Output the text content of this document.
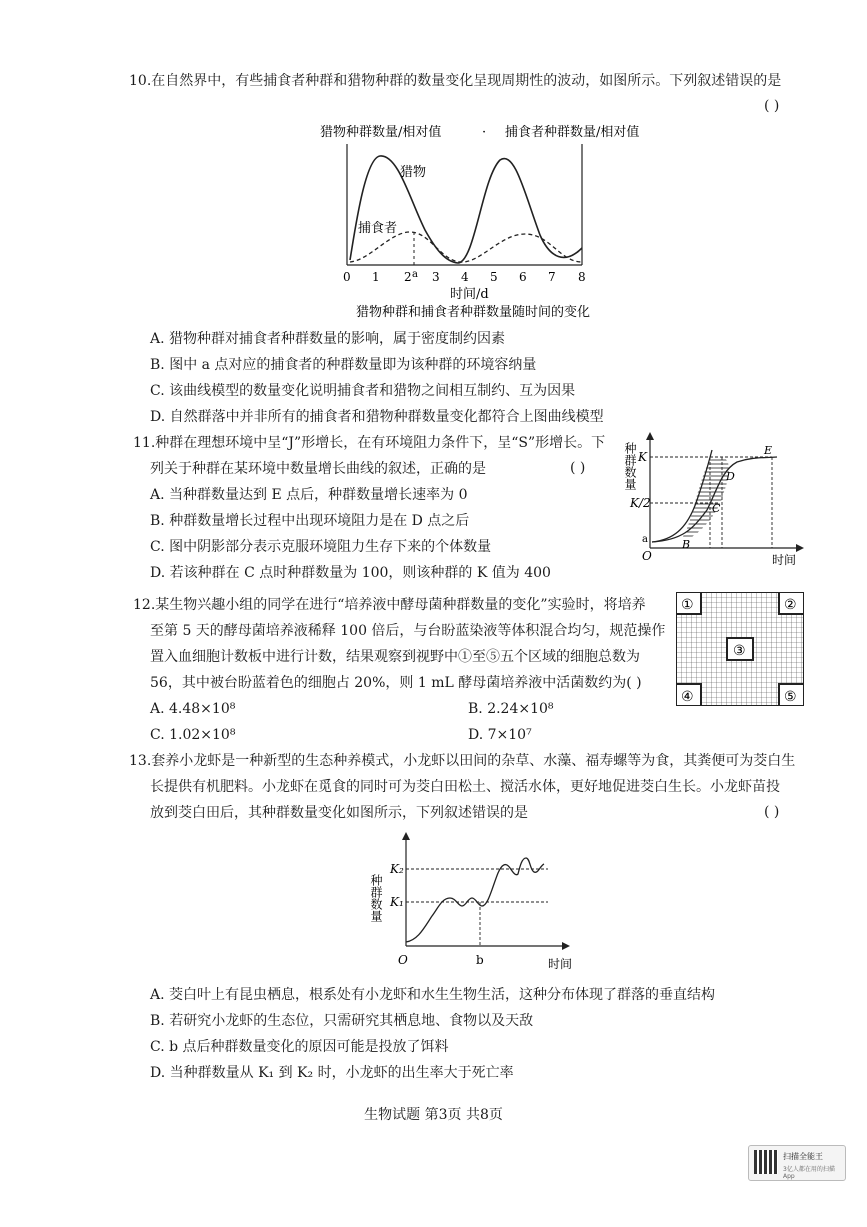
10.在自然界中，有些捕食者种群和猎物种群的数量变化呈现周期性的波动，如图所示。下列叙述错误的是
( )
猎物种群数量/相对值	· 捕食者种群数量/相对值
猎物
捕食者
0 1 2 a 3 4 5 6 7 8
时间/d
猎物种群和捕食者种群数量随时间的变化
A. 猎物种群对捕食者种群数量的影响，属于密度制约因素
B. 图中 a 点对应的捕食者的种群数量即为该种群的环境容纳量
C. 该曲线模型的数量变化说明捕食者和猎物之间相互制约、互为因果
D. 自然群落中并非所有的捕食者和猎物种群数量变化都符合上图曲线模型
11.种群在理想环境中呈“J”形增长，在有环境阻力条件下，呈“S”形增长。下
列关于种群在某环境中数量增长曲线的叙述，正确的是	( )
A. 当种群数量达到 E 点后，种群数量增长速率为 0
B. 种群数量增长过程中出现环境阻力是在 D 点之后
C. 图中阴影部分表示克服环境阻力生存下来的个体数量
D. 若该种群在 C 点时种群数量为 100，则该种群的 K 值为 400
种群数量 K
K/2
a
O
B
C
D
E
时间
12.某生物兴趣小组的同学在进行“培养液中酵母菌种群数量的变化”实验时，将培养
至第 5 天的酵母菌培养液稀释 100 倍后，与台盼蓝染液等体积混合均匀，规范操作
置入血细胞计数板中进行计数，结果观察到视野中①至⑤五个区域的细胞总数为
56，其中被台盼蓝着色的细胞占 20%，则 1 mL 酵母菌培养液中活菌数约为( )
A. 4.48×10⁸	B. 2.24×10⁸
C. 1.02×10⁸	D. 7×10⁷
①	②
③
④	⑤
13.套养小龙虾是一种新型的生态种养模式，小龙虾以田间的杂草、水藻、福寿螺等为食，其粪便可为茭白生
长提供有机肥料。小龙虾在觅食的同时可为茭白田松土、搅活水体，更好地促进茭白生长。小龙虾苗投
放到茭白田后，其种群数量变化如图所示，下列叙述错误的是	( )
种群数量
K₂
K₁
O	b	时间
A. 茭白叶上有昆虫栖息，根系处有小龙虾和水生生物生活，这种分布体现了群落的垂直结构
B. 若研究小龙虾的生态位，只需研究其栖息地、食物以及天敌
C. b 点后种群数量变化的原因可能是投放了饵料
D. 当种群数量从 K₁ 到 K₂ 时，小龙虾的出生率大于死亡率
生物试题 第3页 共8页
扫描全能王
3亿人都在用的扫描App
